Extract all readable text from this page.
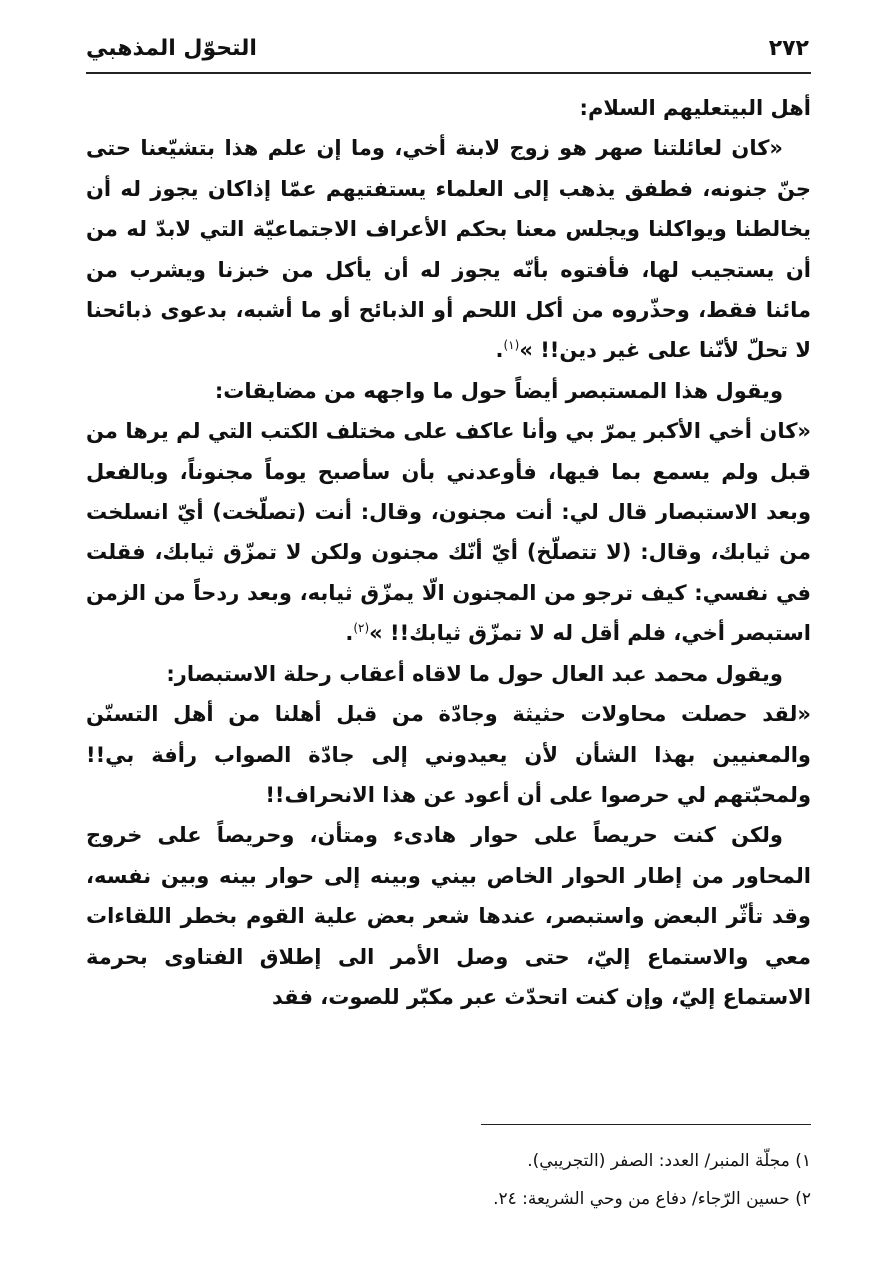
التحوّل المذهبي	٢٧٢

أهل البيتعليهم السلام:

«كان لعائلتنا صهر هو زوج لابنة أخي، وما إن علم هذا بتشيّعنا حتى جنّ جنونه، فطفق يذهب إلى العلماء يستفتيهم عمّا إذاكان يجوز له أن يخالطنا ويواكلنا ويجلس معنا بحكم الأعراف الاجتماعيّة التي لابدّ له من أن يستجيب لها، فأفتوه بأنّه يجوز له أن يأكل من خبزنا ويشرب من مائنا فقط، وحذّروه من أكل اللحم أو الذبائح أو ما أشبه، بدعوى ذبائحنا لا تحلّ لأنّنا على غير دين!! »$^{(١)}$.

ويقول هذا المستبصر أيضاً حول ما واجهه من مضايقات:

«كان أخي الأكبر يمرّ بي وأنا عاكف على مختلف الكتب التي لم يرها من قبل ولم يسمع بما فيها، فأوعدني بأن سأصبح يوماً مجنوناً، وبالفعل وبعد الاستبصار قال لي: أنت مجنون، وقال: أنت (تصلّخت) أيّ انسلخت من ثيابك، وقال: (لا تتصلّخ) أيّ أنّك مجنون ولكن لا تمزّق ثيابك، فقلت في نفسي: كيف ترجو من المجنون الّا يمزّق ثيابه، وبعد ردحاً من الزمن استبصر أخي، فلم أقل له لا تمزّق ثيابك!! »$^{(٢)}$.

ويقول محمد عبد العال حول ما لاقاه أعقاب رحلة الاستبصار:

«لقد حصلت محاولات حثيثة وجادّة من قبل أهلنا من أهل التسنّن والمعنيين بهذا الشأن لأن يعيدوني إلى جادّة الصواب رأفة بي!! ولمحبّتهم لي حرصوا على أن أعود عن هذا الانحراف!!

ولكن كنت حريصاً على حوار هادىء ومتأن، وحريصاً على خروج المحاور من إطار الحوار الخاص بيني وبينه إلى حوار بينه وبين نفسه، وقد تأثّر البعض واستبصر، عندها شعر بعض علية القوم بخطر اللقاءات معي والاستماع إليّ، حتى وصل الأمر الى إطلاق الفتاوى بحرمة الاستماع إليّ، وإن كنت اتحدّث عبر مكبّر للصوت، فقد

١) مجلّة المنبر/ العدد: الصفر (التجريبي).

٢) حسين الرّجاء/ دفاع من وحي الشريعة: ٢٤.
